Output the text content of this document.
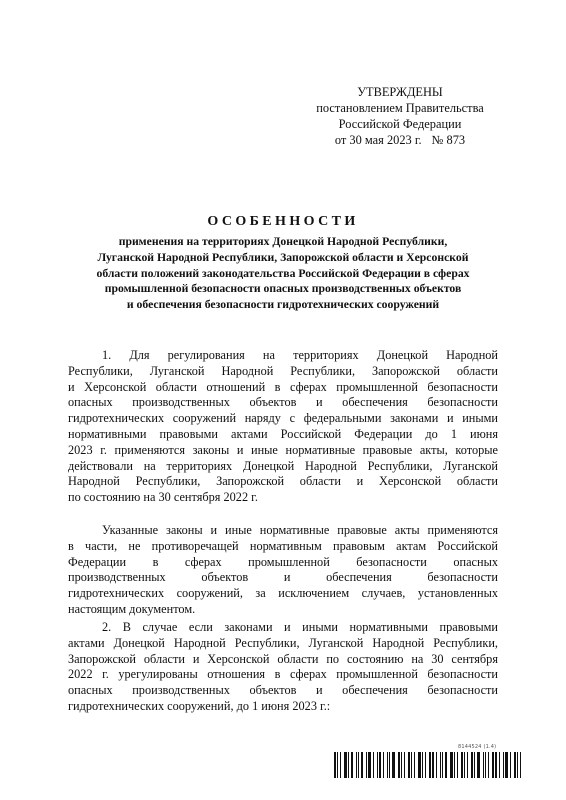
УТВЕРЖДЕНЫ
постановлением Правительства
Российской Федерации
от 30 мая 2023 г. № 873
ОСОБЕННОСТИ
применения на территориях Донецкой Народной Республики,
Луганской Народной Республики, Запорожской области и Херсонской
области положений законодательства Российской Федерации в сферах
промышленной безопасности опасных производственных объектов
и обеспечения безопасности гидротехнических сооружений
1. Для регулирования на территориях Донецкой Народной
Республики, Луганской Народной Республики, Запорожской области
и Херсонской области отношений в сферах промышленной безопасности
опасных производственных объектов и обеспечения безопасности
гидротехнических сооружений наряду с федеральными законами и иными
нормативными правовыми актами Российской Федерации до 1 июня
2023 г. применяются законы и иные нормативные правовые акты, которые
действовали на территориях Донецкой Народной Республики, Луганской
Народной Республики, Запорожской области и Херсонской области
по состоянию на 30 сентября 2022 г.
Указанные законы и иные нормативные правовые акты применяются
в части, не противоречащей нормативным правовым актам Российской
Федерации в сферах промышленной безопасности опасных
производственных объектов и обеспечения безопасности
гидротехнических сооружений, за исключением случаев, установленных
настоящим документом.
2. В случае если законами и иными нормативными правовыми
актами Донецкой Народной Республики, Луганской Народной Республики,
Запорожской области и Херсонской области по состоянию на 30 сентября
2022 г. урегулированы отношения в сферах промышленной безопасности
опасных производственных объектов и обеспечения безопасности
гидротехнических сооружений, до 1 июня 2023 г.:
8144524 (1.4)
